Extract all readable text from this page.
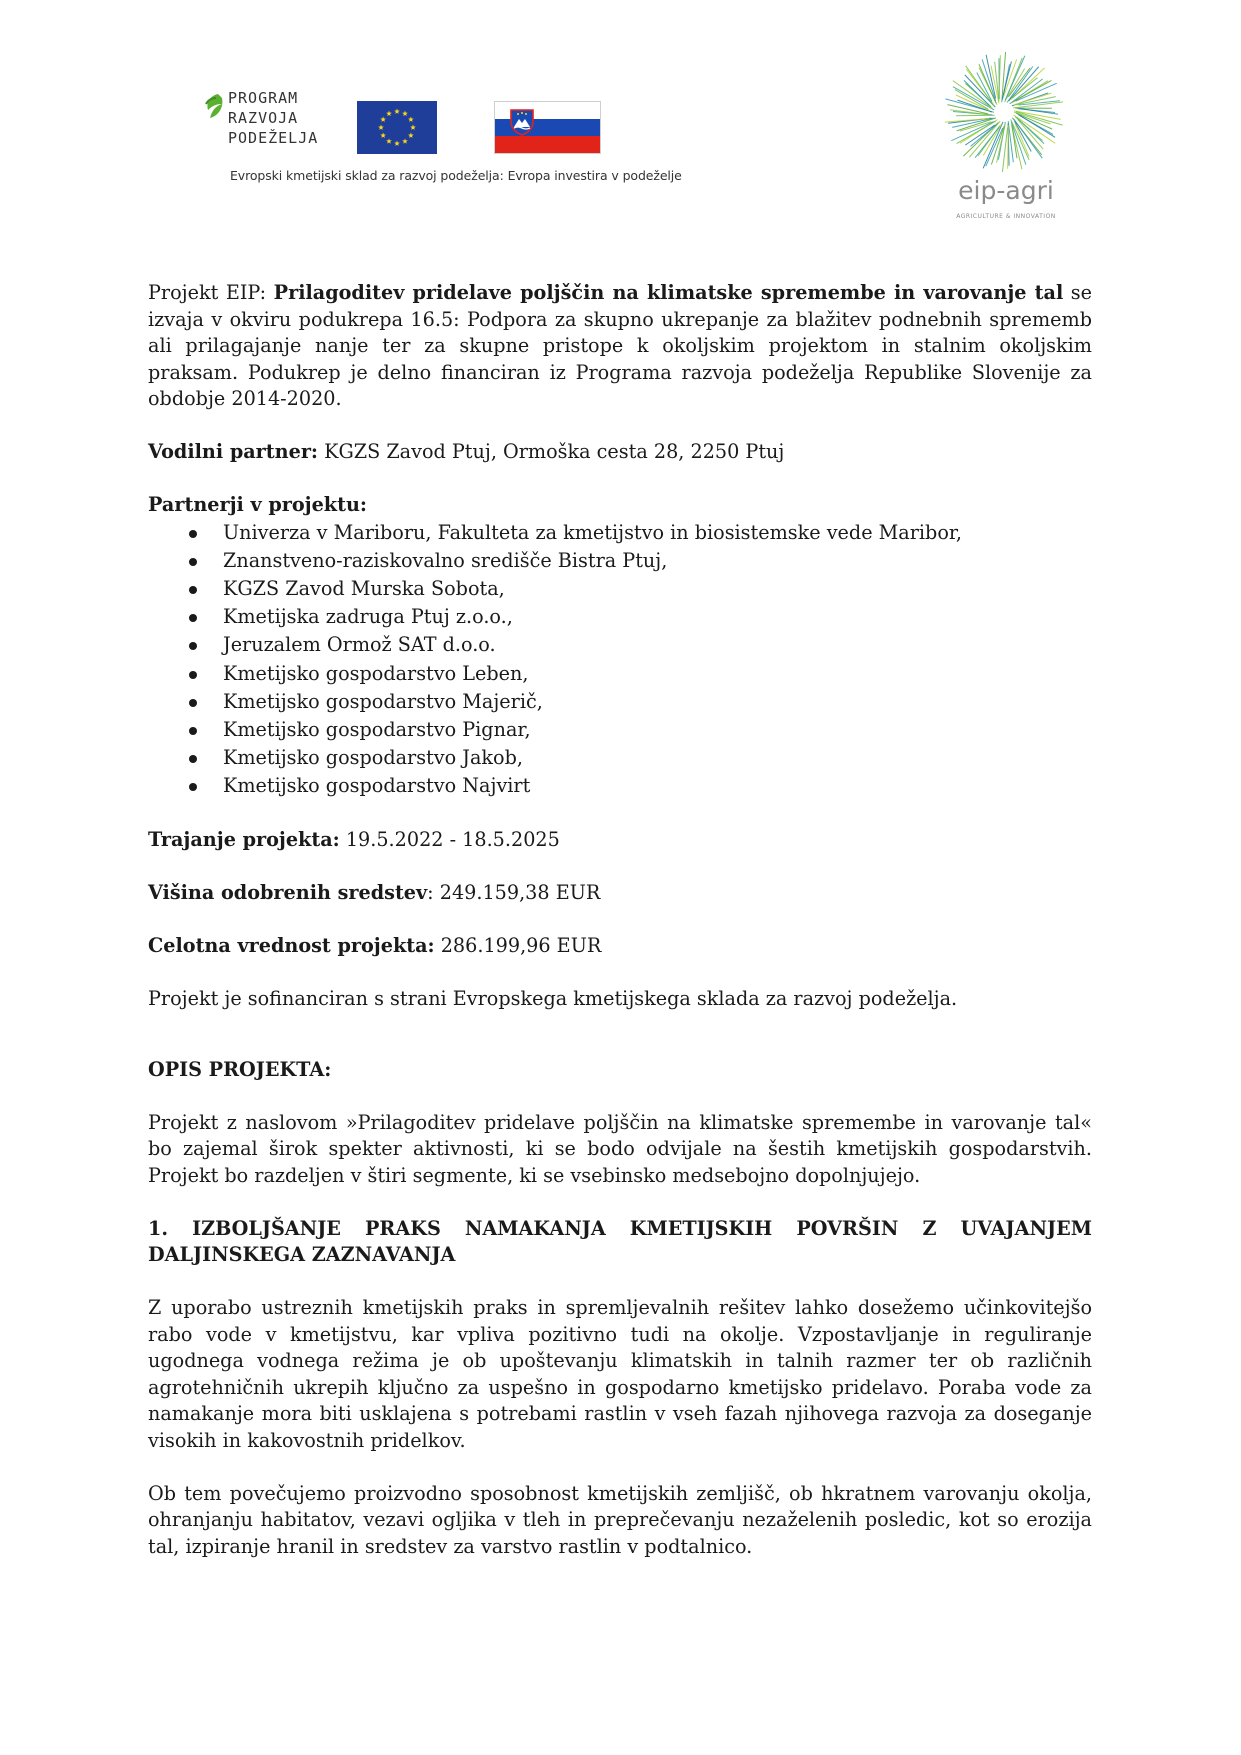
PROGRAM
RAZVOJA
PODEŽELJA
Evropski kmetijski sklad za razvoj podeželja: Evropa investira v podeželje
eip-agri
AGRICULTURE & INNOVATION

Projekt EIP: Prilagoditev pridelave poljščin na klimatske spremembe in varovanje tal se izvaja v okviru podukrepa 16.5: Podpora za skupno ukrepanje za blažitev podnebnih sprememb ali prilagajanje nanje ter za skupne pristope k okoljskim projektom in stalnim okoljskim praksam. Podukrep je delno financiran iz Programa razvoja podeželja Republike Slovenije za obdobje 2014-2020.

Vodilni partner: KGZS Zavod Ptuj, Ormoška cesta 28, 2250 Ptuj

Partnerji v projektu:

Univerza v Mariboru, Fakulteta za kmetijstvo in biosistemske vede Maribor,
Znanstveno-raziskovalno središče Bistra Ptuj,
KGZS Zavod Murska Sobota,
Kmetijska zadruga Ptuj z.o.o.,
Jeruzalem Ormož SAT d.o.o.
Kmetijsko gospodarstvo Leben,
Kmetijsko gospodarstvo Majerič,
Kmetijsko gospodarstvo Pignar,
Kmetijsko gospodarstvo Jakob,
Kmetijsko gospodarstvo Najvirt

Trajanje projekta: 19.5.2022 - 18.5.2025

Višina odobrenih sredstev: 249.159,38 EUR

Celotna vrednost projekta: 286.199,96 EUR

Projekt je sofinanciran s strani Evropskega kmetijskega sklada za razvoj podeželja.

OPIS PROJEKTA:

Projekt z naslovom »Prilagoditev pridelave poljščin na klimatske spremembe in varovanje tal« bo zajemal širok spekter aktivnosti, ki se bodo odvijale na šestih kmetijskih gospodarstvih. Projekt bo razdeljen v štiri segmente, ki se vsebinsko medsebojno dopolnjujejo.

1. IZBOLJŠANJE PRAKS NAMAKANJA KMETIJSKIH POVRŠIN Z UVAJANJEM DALJINSKEGA ZAZNAVANJA

Z uporabo ustreznih kmetijskih praks in spremljevalnih rešitev lahko dosežemo učinkovitejšo rabo vode v kmetijstvu, kar vpliva pozitivno tudi na okolje. Vzpostavljanje in reguliranje ugodnega vodnega režima je ob upoštevanju klimatskih in talnih razmer ter ob različnih agrotehničnih ukrepih ključno za uspešno in gospodarno kmetijsko pridelavo. Poraba vode za namakanje mora biti usklajena s potrebami rastlin v vseh fazah njihovega razvoja za doseganje visokih in kakovostnih pridelkov.

Ob tem povečujemo proizvodno sposobnost kmetijskih zemljišč, ob hkratnem varovanju okolja, ohranjanju habitatov, vezavi ogljika v tleh in preprečevanju nezaželenih posledic, kot so erozija tal, izpiranje hranil in sredstev za varstvo rastlin v podtalnico.
